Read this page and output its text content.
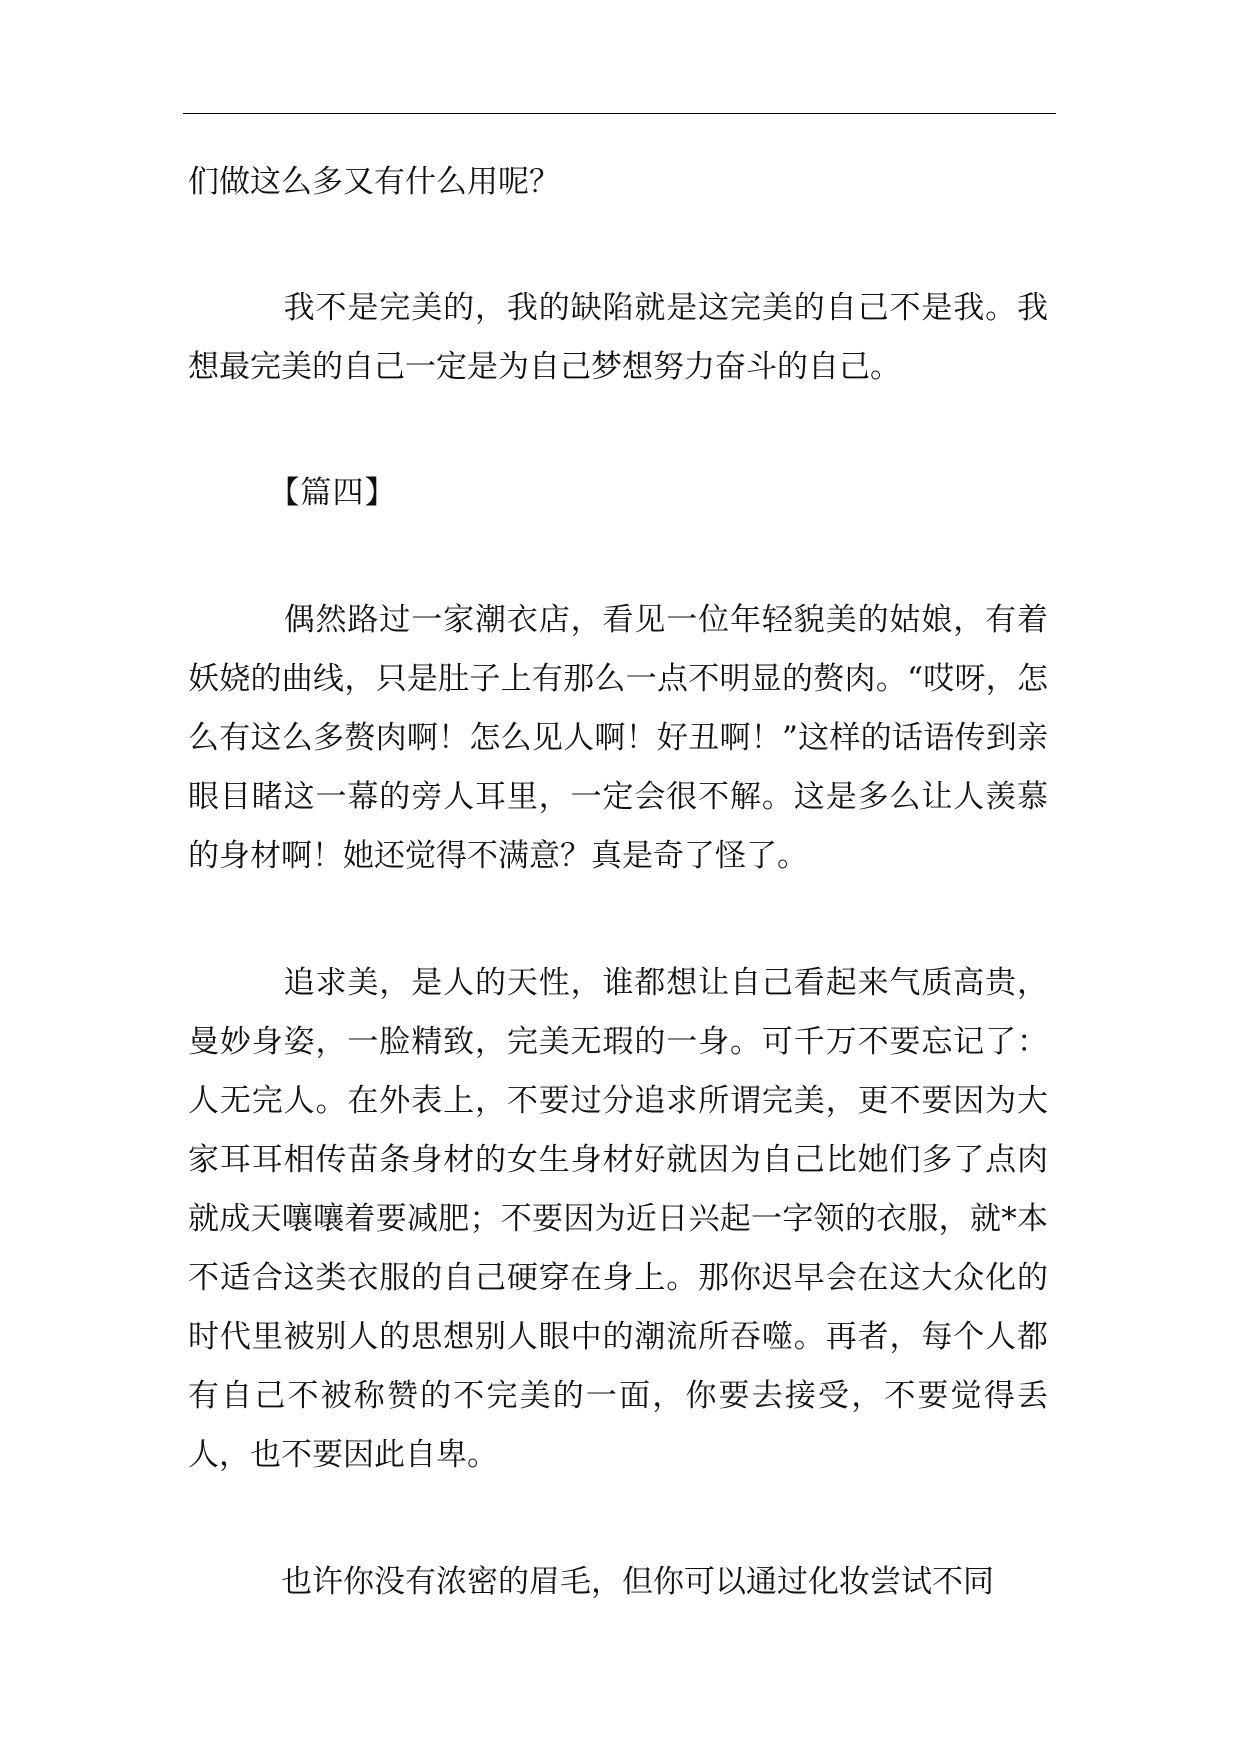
们做这么多又有什么用呢？

　　　我不是完美的，我的缺陷就是这完美的自己不是我。我想最完美的自己一定是为自己梦想努力奋斗的自己。

　　　【篇四】

　　　偶然路过一家潮衣店，看见一位年轻貌美的姑娘，有着妖娆的曲线，只是肚子上有那么一点不明显的赘肉。“哎呀，怎么有这么多赘肉啊！怎么见人啊！好丑啊！”这样的话语传到亲眼目睹这一幕的旁人耳里，一定会很不解。这是多么让人羡慕的身材啊！她还觉得不满意？真是奇了怪了。

　　　追求美，是人的天性，谁都想让自己看起来气质高贵，曼妙身姿，一脸精致，完美无瑕的一身。可千万不要忘记了：人无完人。在外表上，不要过分追求所谓完美，更不要因为大家耳耳相传苗条身材的女生身材好就因为自己比她们多了点肉就成天嚷嚷着要减肥；不要因为近日兴起一字领的衣服，就*本不适合这类衣服的自己硬穿在身上。那你迟早会在这大众化的时代里被别人的思想别人眼中的潮流所吞噬。再者，每个人都有自己不被称赞的不完美的一面，你要去接受，不要觉得丢人，也不要因此自卑。

　　　也许你没有浓密的眉毛，但你可以通过化妆尝试不同
